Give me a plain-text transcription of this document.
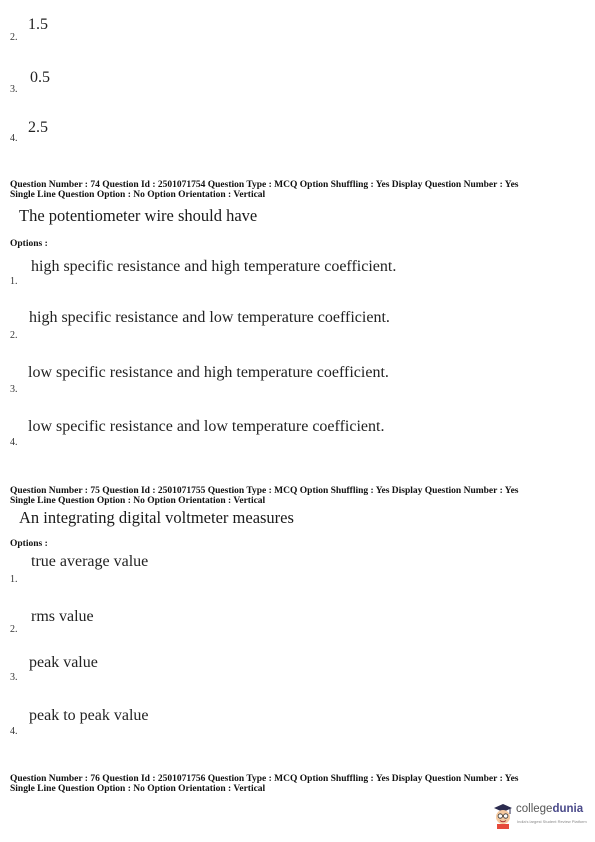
1.5
2.
0.5
3.
2.5
4.
Question Number : 74 Question Id : 2501071754 Question Type : MCQ Option Shuffling : Yes Display Question Number : Yes
Single Line Question Option : No Option Orientation : Vertical
The potentiometer wire should have
Options :
high specific resistance and high temperature coefficient.
1.
high specific resistance and low temperature coefficient.
2.
low specific resistance and high temperature coefficient.
3.
low specific resistance and low temperature coefficient.
4.
Question Number : 75 Question Id : 2501071755 Question Type : MCQ Option Shuffling : Yes Display Question Number : Yes
Single Line Question Option : No Option Orientation : Vertical
An integrating digital voltmeter measures
Options :
true average value
1.
rms value
2.
peak value
3.
peak to peak value
4.
Question Number : 76 Question Id : 2501071756 Question Type : MCQ Option Shuffling : Yes Display Question Number : Yes
Single Line Question Option : No Option Orientation : Vertical
collegedunia
India's largest Student Review Platform
